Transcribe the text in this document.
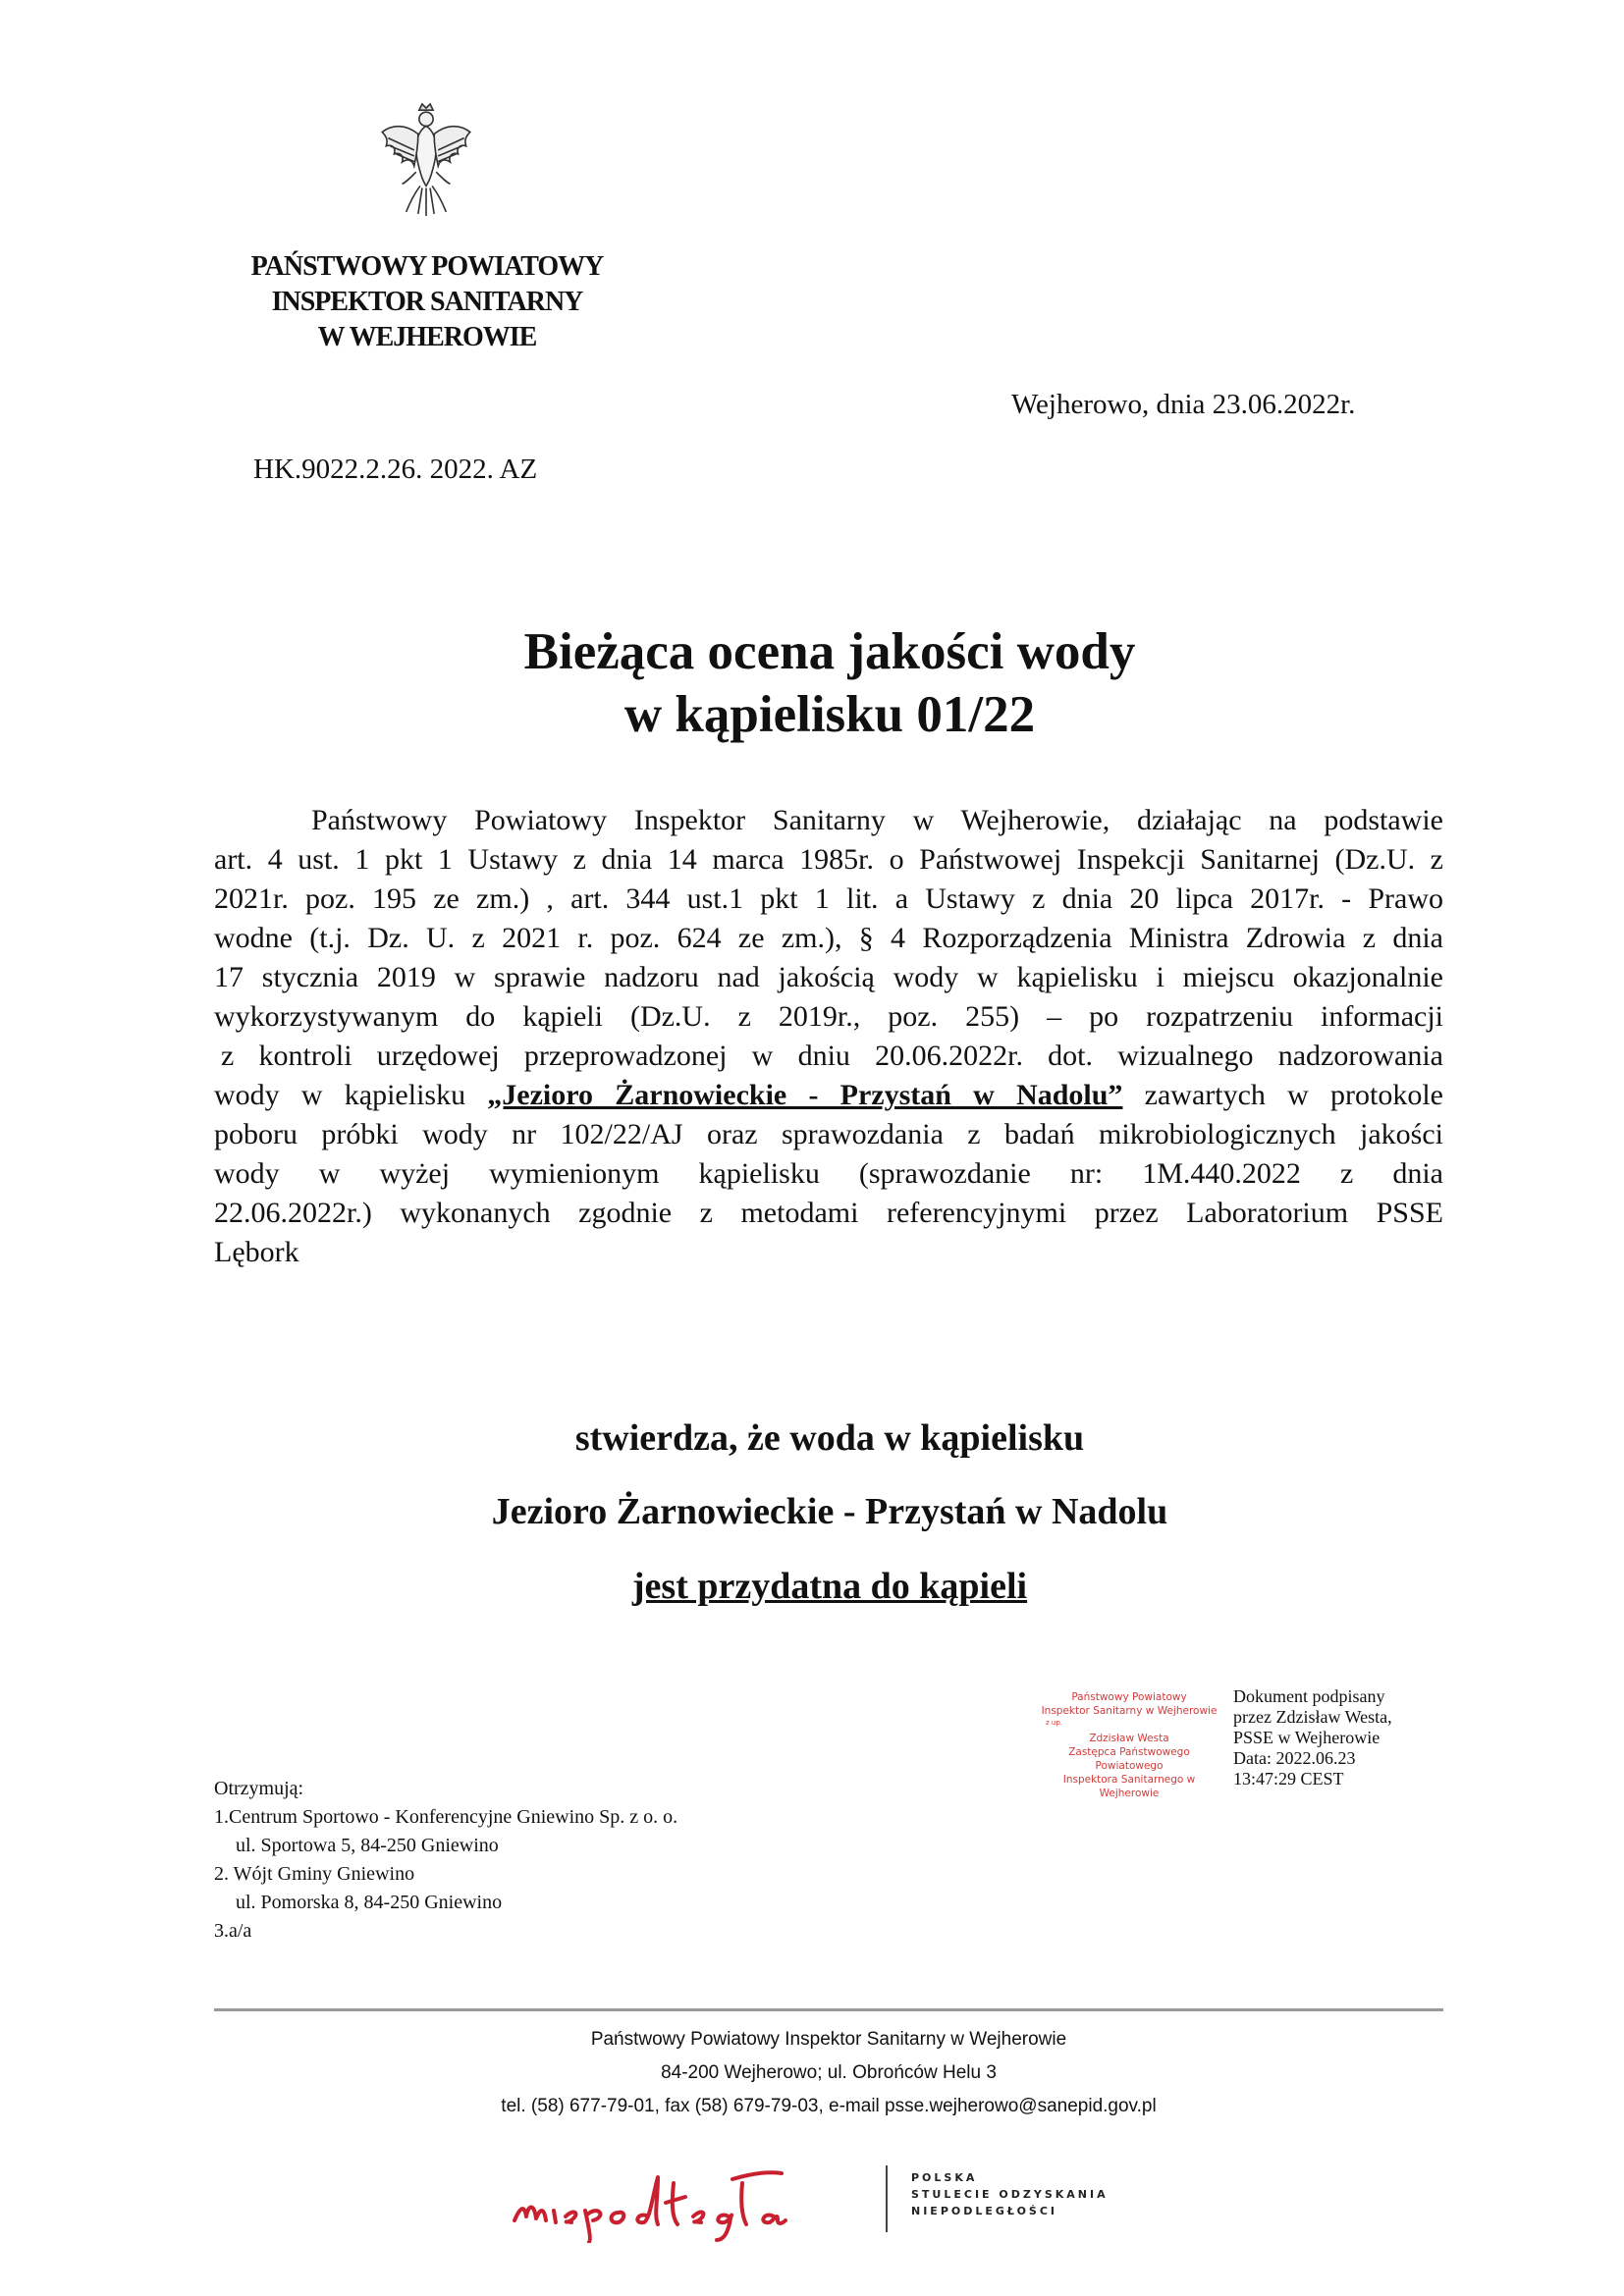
PAŃSTWOWY POWIATOWY
INSPEKTOR SANITARNY
W WEJHEROWIE
Wejherowo, dnia 23.06.2022r.
HK.9022.2.26. 2022. AZ
Bieżąca ocena jakości wody
w kąpielisku 01/22
Państwowy Powiatowy Inspektor Sanitarny w Wejherowie, działając na podstawie
art. 4 ust. 1 pkt 1 Ustawy z dnia 14 marca 1985r. o Państwowej Inspekcji Sanitarnej (Dz.U. z
2021r. poz. 195 ze zm.) , art. 344 ust.1 pkt 1 lit. a Ustawy z dnia 20 lipca 2017r. - Prawo
wodne (t.j. Dz. U. z 2021 r. poz. 624 ze zm.), § 4 Rozporządzenia Ministra Zdrowia z dnia
17 stycznia 2019 w sprawie nadzoru nad jakością wody w kąpielisku i miejscu okazjonalnie
wykorzystywanym do kąpieli (Dz.U. z 2019r., poz. 255) – po rozpatrzeniu informacji
z kontroli urzędowej przeprowadzonej w dniu 20.06.2022r. dot. wizualnego nadzorowania
wody w kąpielisku „Jezioro Żarnowieckie - Przystań w Nadolu” zawartych w protokole
poboru próbki wody nr 102/22/AJ oraz sprawozdania z badań mikrobiologicznych jakości
wody w wyżej wymienionym kąpielisku (sprawozdanie nr: 1M.440.2022 z dnia
22.06.2022r.) wykonanych zgodnie z metodami referencyjnymi przez Laboratorium PSSE
Lębork
stwierdza, że woda w kąpielisku
Jezioro Żarnowieckie - Przystań w Nadolu
jest przydatna do kąpieli
Państwowy Powiatowy
Inspektor Sanitarny w Wejherowie
z up.
Zdzisław Westa
Zastępca Państwowego Powiatowego
Inspektora Sanitarnego w Wejherowie
Dokument podpisany
przez Zdzisław Westa,
PSSE w Wejherowie
Data: 2022.06.23
13:47:29 CEST
Otrzymują:
1.Centrum Sportowo - Konferencyjne Gniewino Sp. z o. o.
ul. Sportowa 5, 84-250 Gniewino
2. Wójt Gminy Gniewino
ul. Pomorska 8, 84-250 Gniewino
3.a/a
Państwowy Powiatowy Inspektor Sanitarny w Wejherowie
84-200 Wejherowo; ul. Obrońców Helu 3
tel. (58) 677-79-01, fax (58) 679-79-03, e-mail psse.wejherowo@sanepid.gov.pl
POLSKA
STULECIE ODZYSKANIA
NIEPODLEGŁOŚCI
